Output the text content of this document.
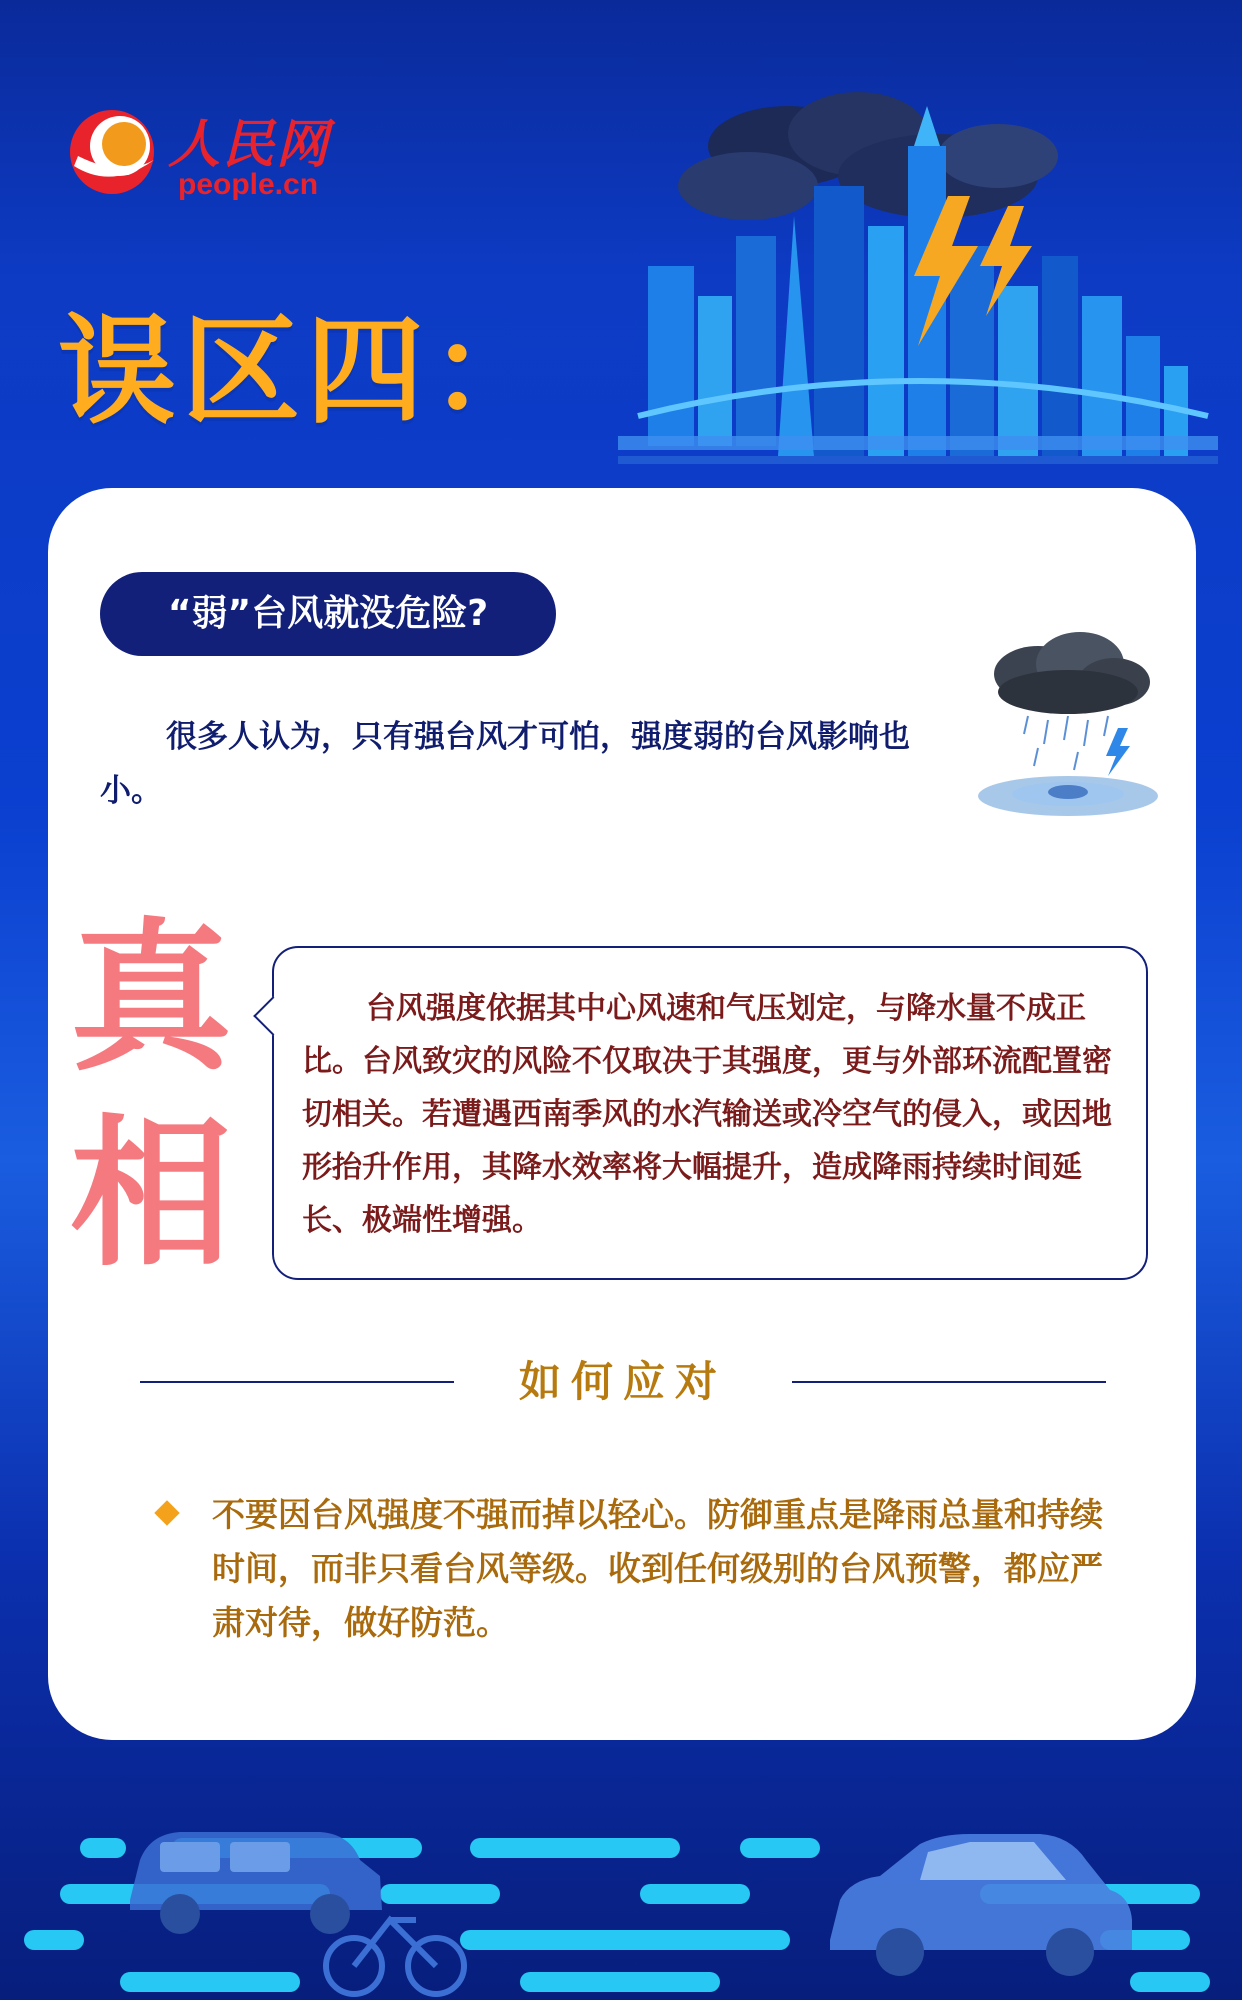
人民网
people.cn
误区四：
“弱”台风就没危险?
很多人认为，只有强台风才可怕，强度弱的台风影响也小。
真
相
台风强度依据其中心风速和气压划定，与降水量不成正比。台风致灾的风险不仅取决于其强度，更与外部环流配置密切相关。若遭遇西南季风的水汽输送或冷空气的侵入，或因地形抬升作用，其降水效率将大幅提升，造成降雨持续时间延长、极端性增强。
如何应对
不要因台风强度不强而掉以轻心。防御重点是降雨总量和持续时间，而非只看台风等级。收到任何级别的台风预警，都应严肃对待，做好防范。
